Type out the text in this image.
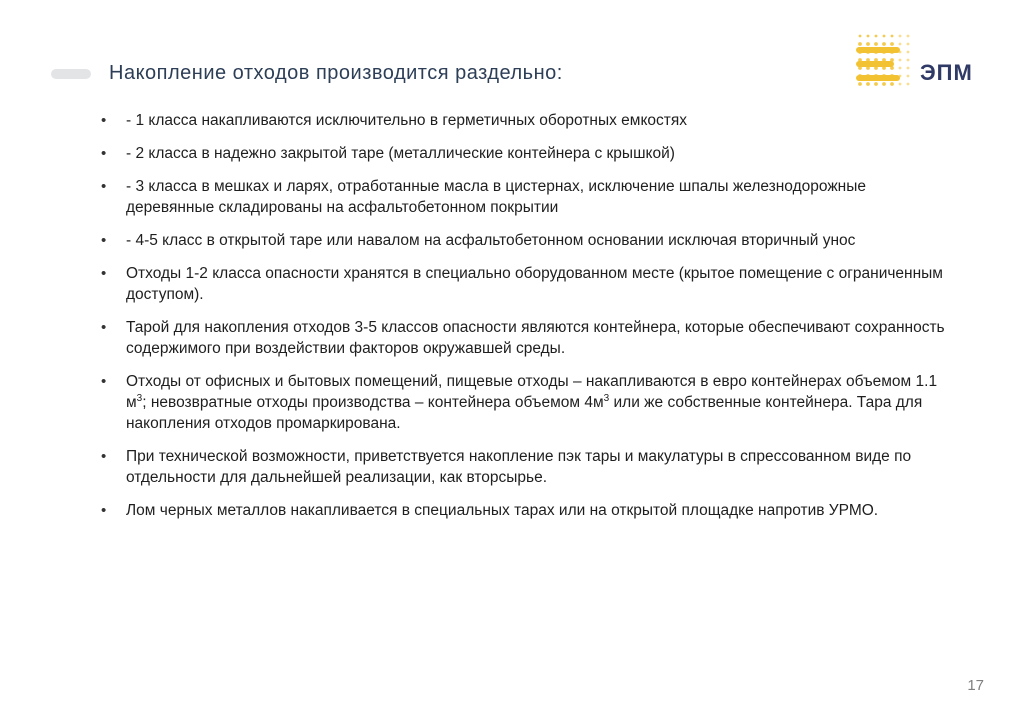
Накопление отходов производится раздельно:	ЭПМ
• - 1 класса накапливаются исключительно в герметичных оборотных емкостях
• - 2 класса в надежно закрытой таре (металлические контейнера с крышкой)
• - 3 класса в мешках и ларях, отработанные масла в цистернах, исключение шпалы железнодорожные деревянные складированы на асфальтобетонном покрытии
• - 4-5 класс в открытой таре или навалом на асфальтобетонном основании исключая вторичный унос
• Отходы 1-2 класса опасности хранятся в специально оборудованном месте (крытое помещение с ограниченным доступом).
• Тарой для накопления отходов 3-5 классов опасности являются контейнера, которые обеспечивают сохранность содержимого при воздействии факторов окружавшей среды.
• Отходы от офисных и бытовых помещений, пищевые отходы – накапливаются в евро контейнерах объемом 1.1 $м^3$; невозвратные отходы производства – контейнера объемом $4м^3$ или же собственные контейнера. Тара для накопления отходов промаркирована.
• При технической возможности, приветствуется накопление пэк тары и макулатуры в спрессованном виде по отдельности для дальнейшей реализации, как вторсырье.
• Лом черных металлов накапливается в специальных тарах или на открытой площадке напротив УРМО.
17
